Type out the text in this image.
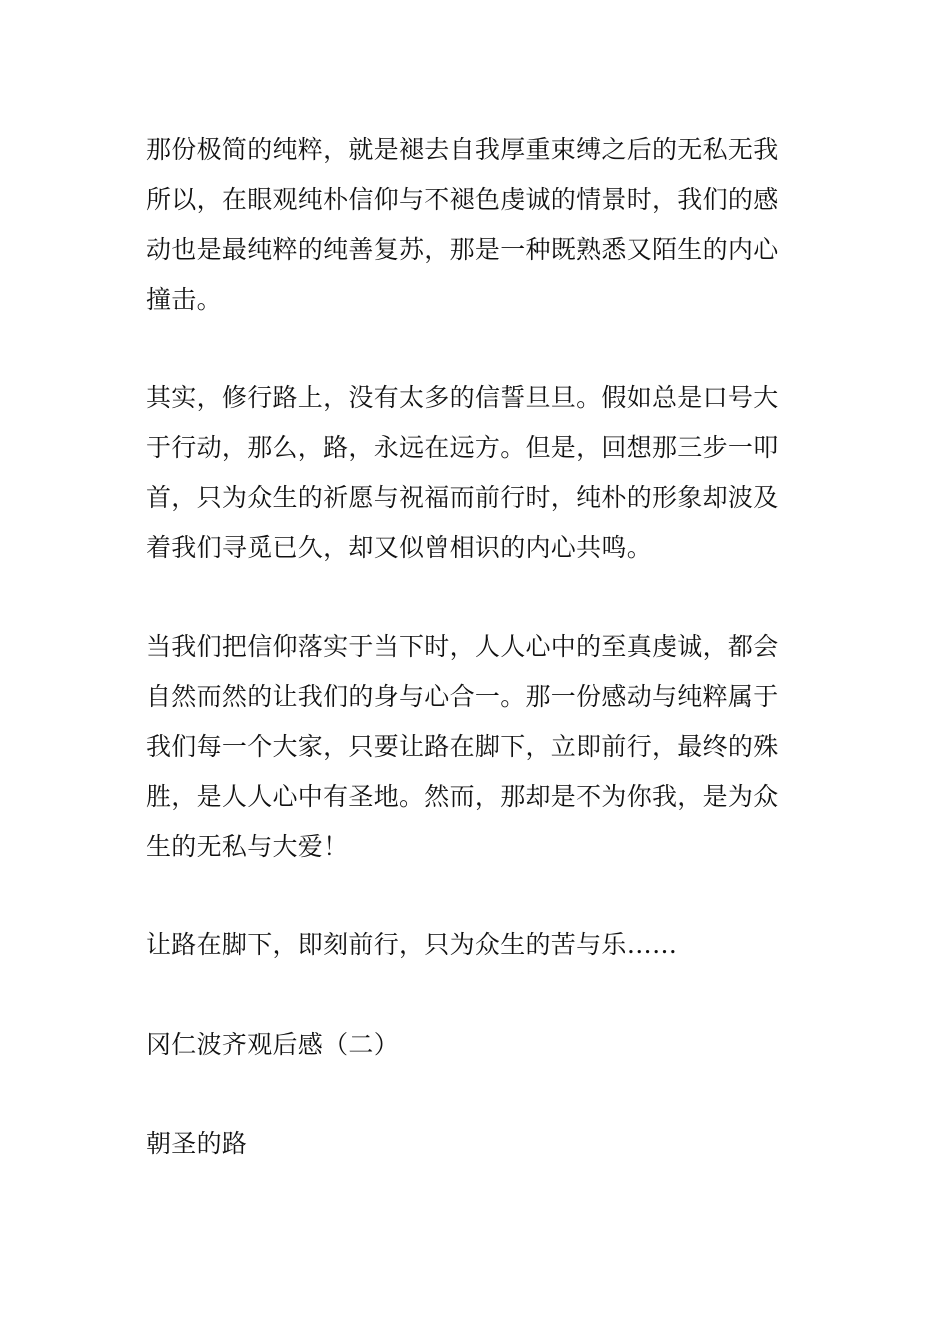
那份极简的纯粹，就是褪去自我厚重束缚之后的无私无我
所以，在眼观纯朴信仰与不褪色虔诚的情景时，我们的感
动也是最纯粹的纯善复苏，那是一种既熟悉又陌生的内心
撞击。

其实，修行路上，没有太多的信誓旦旦。假如总是口号大
于行动，那么，路，永远在远方。但是，回想那三步一叩
首，只为众生的祈愿与祝福而前行时，纯朴的形象却波及
着我们寻觅已久，却又似曾相识的内心共鸣。

当我们把信仰落实于当下时，人人心中的至真虔诚，都会
自然而然的让我们的身与心合一。那一份感动与纯粹属于
我们每一个大家，只要让路在脚下，立即前行，最终的殊
胜，是人人心中有圣地。然而，那却是不为你我，是为众
生的无私与大爱！

让路在脚下，即刻前行，只为众生的苦与乐……

冈仁波齐观后感（二）

朝圣的路
